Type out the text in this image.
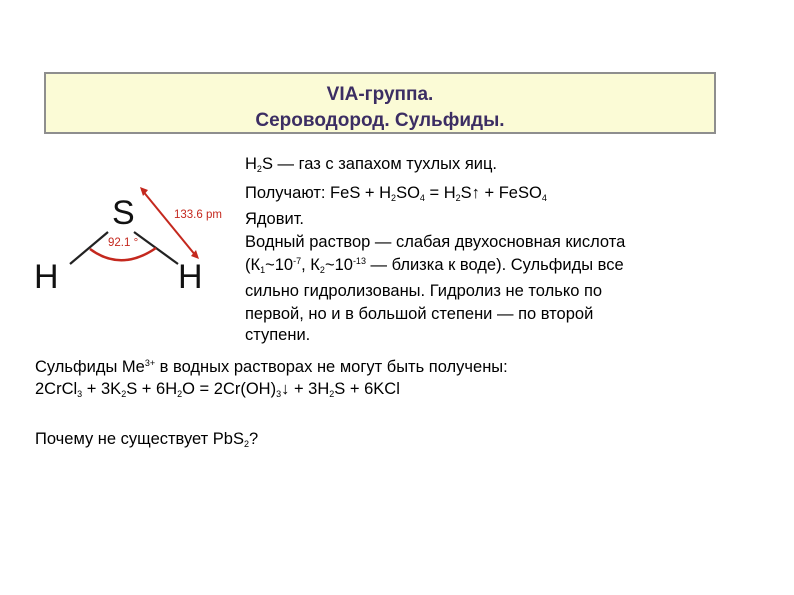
VIA-группа.
Сероводород. Сульфиды.
S
H	H
92.1 °
133.6 pm
$H_2S$ — газ с запахом тухлых яиц.
Получают: FeS + $H_2SO_4$ = $H_2S↑$ + FeSO$_4$
Ядовит.
Водный раствор — слабая двухосновная кислота
($К_1\sim 10^{-7}$, $К_2\sim 10^{-13}$ — близка к воде). Сульфиды все
сильно гидролизованы. Гидролиз не только по
первой, но и в большой степени — по второй
ступени.
Сульфиды $Me^{3+}$ в водных растворах не могут быть получены:
2CrCl$_3$ + $3K_2S + 6H_2O$ = $2Cr(OH)_3↓ + 3H_2S + 6KCl$
Почему не существует PbS$_2$?
